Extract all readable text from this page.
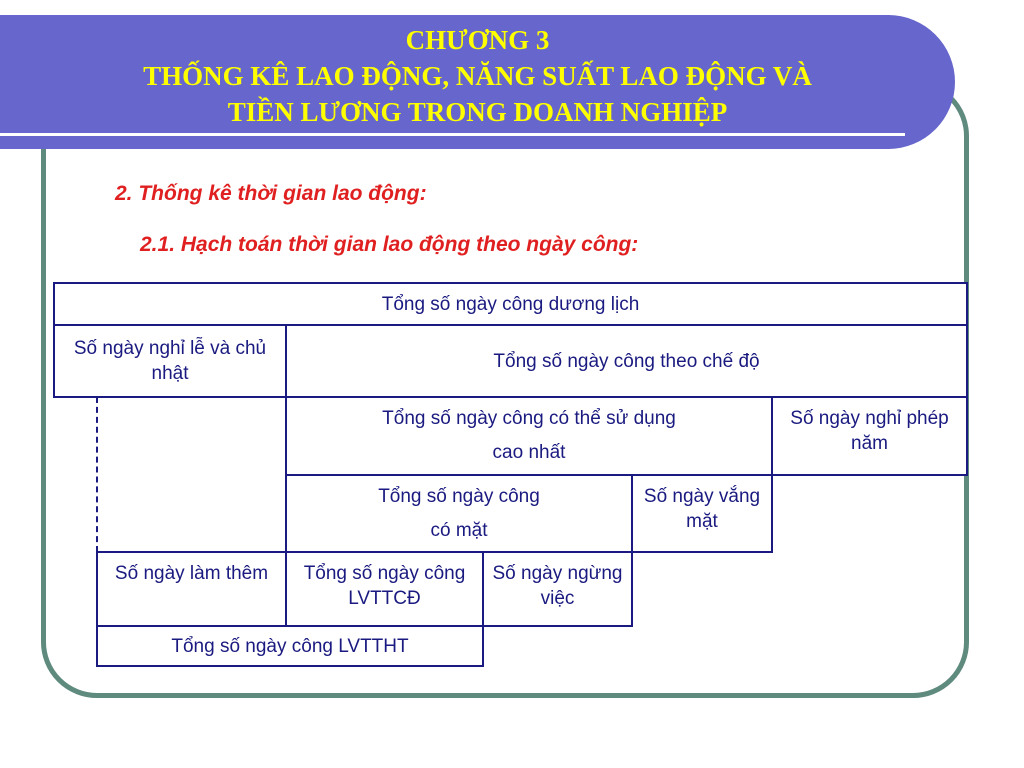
CHƯƠNG 3
THỐNG KÊ LAO ĐỘNG, NĂNG SUẤT LAO ĐỘNG VÀ
TIỀN LƯƠNG TRONG DOANH NGHIỆP
2. Thống kê thời gian lao động:
2.1. Hạch toán thời gian lao động theo ngày công:
Tổng số ngày công dương lịch
Số ngày nghỉ lễ và chủ nhật
Tổng số ngày công theo chế độ
Tổng số ngày công có thể sử dụng
cao nhất
Số ngày nghỉ phép năm
Tổng số ngày công
có mặt
Số ngày vắng mặt
Số ngày làm thêm	Tổng số ngày công LVTTCĐ
Số ngày ngừng việc
Tổng số ngày công LVTTHT
